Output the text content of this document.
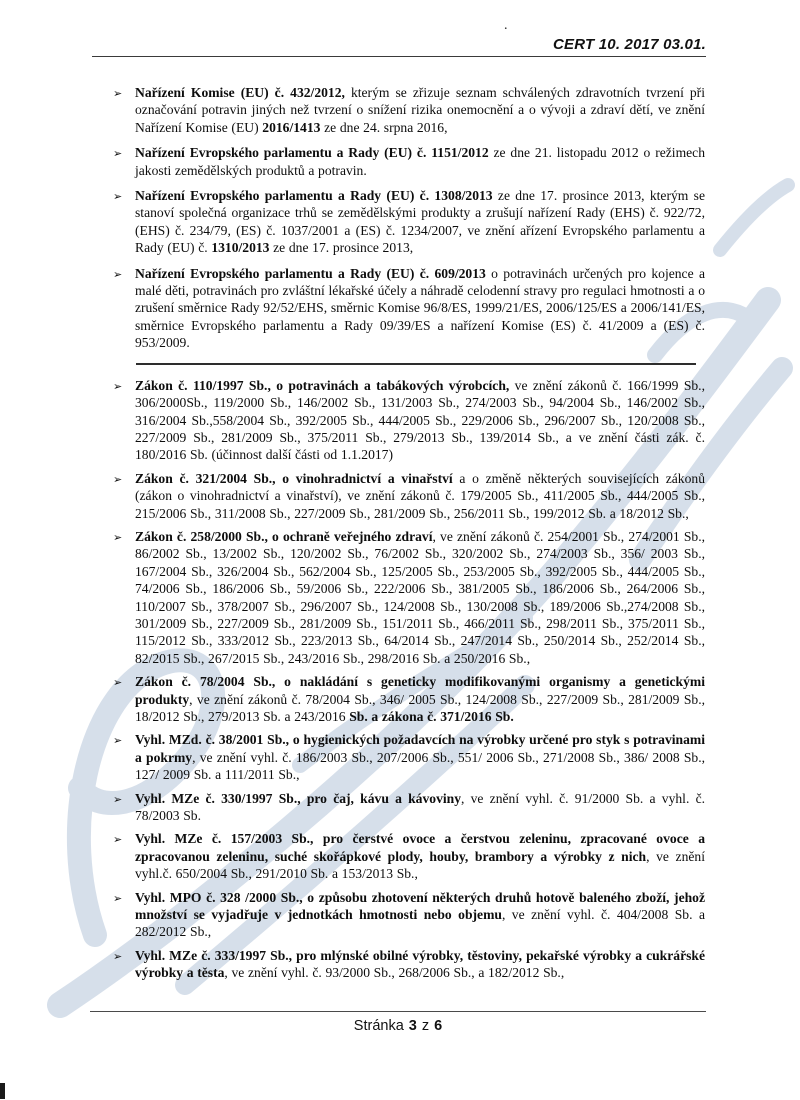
.
CERT 10. 2017 03.01.
➢ Nařízení Komise (EU) č. 432/2012, kterým se zřizuje seznam schválených zdravotních tvrzení při označování potravin jiných než tvrzení o snížení rizika onemocnění a o vývoji a zdraví dětí, ve znění Nařízení Komise (EU) 2016/1413 ze dne 24. srpna 2016,

➢ Nařízení Evropského parlamentu a Rady (EU) č. 1151/2012 ze dne 21. listopadu 2012 o režimech jakosti zemědělských produktů a potravin.

➢ Nařízení Evropského parlamentu a Rady (EU) č. 1308/2013 ze dne 17. prosince 2013, kterým se stanoví společná organizace trhů se zemědělskými produkty a zrušují nařízení Rady (EHS) č. 922/72, (EHS) č. 234/79, (ES) č. 1037/2001 a (ES) č. 1234/2007, ve znění ařízení Evropského parlamentu a Rady (EU) č. 1310/2013 ze dne 17. prosince 2013,

➢ Nařízení Evropského parlamentu a Rady (EU) č. 609/2013 o potravinách určených pro kojence a malé děti, potravinách pro zvláštní lékařské účely a náhradě celodenní stravy pro regulaci hmotnosti a o zrušení směrnice Rady 92/52/EHS, směrnic Komise 96/8/ES, 1999/21/ES, 2006/125/ES a 2006/141/ES, směrnice Evropského parlamentu a Rady 09/39/ES a nařízení Komise (ES) č. 41/2009 a (ES) č. 953/2009.

➢ Zákon č. 110/1997 Sb., o potravinách a tabákových výrobcích, ve znění zákonů č. 166/1999 Sb., 306/2000Sb., 119/2000 Sb., 146/2002 Sb., 131/2003 Sb., 274/2003 Sb., 94/2004 Sb., 146/2002 Sb., 316/2004 Sb.,558/2004 Sb., 392/2005 Sb., 444/2005 Sb., 229/2006 Sb., 296/2007 Sb., 120/2008 Sb., 227/2009 Sb., 281/2009 Sb., 375/2011 Sb., 279/2013 Sb., 139/2014 Sb., a ve znění části zák. č. 180/2016 Sb. (účinnost další části od 1.1.2017)

➢ Zákon č. 321/2004 Sb., o vinohradnictví a vinařství a o změně některých souvisejících zákonů (zákon o vinohradnictví a vinařství), ve znění zákonů č. 179/2005 Sb., 411/2005 Sb., 444/2005 Sb., 215/2006 Sb., 311/2008 Sb., 227/2009 Sb., 281/2009 Sb., 256/2011 Sb., 199/2012 Sb. a 18/2012 Sb.,

➢ Zákon č. 258/2000 Sb., o ochraně veřejného zdraví, ve znění zákonů č. 254/2001 Sb., 274/2001 Sb., 86/2002 Sb., 13/2002 Sb., 120/2002 Sb., 76/2002 Sb., 320/2002 Sb., 274/2003 Sb., 356/ 2003 Sb., 167/2004 Sb., 326/2004 Sb., 562/2004 Sb., 125/2005 Sb., 253/2005 Sb., 392/2005 Sb., 444/2005 Sb., 74/2006 Sb., 186/2006 Sb., 59/2006 Sb., 222/2006 Sb., 381/2005 Sb., 186/2006 Sb., 264/2006 Sb., 110/2007 Sb., 378/2007 Sb., 296/2007 Sb., 124/2008 Sb., 130/2008 Sb., 189/2006 Sb.,274/2008 Sb., 301/2009 Sb., 227/2009 Sb., 281/2009 Sb., 151/2011 Sb., 466/2011 Sb., 298/2011 Sb., 375/2011 Sb., 115/2012 Sb., 333/2012 Sb., 223/2013 Sb., 64/2014 Sb., 247/2014 Sb., 250/2014 Sb., 252/2014 Sb., 82/2015 Sb., 267/2015 Sb., 243/2016 Sb., 298/2016 Sb. a 250/2016 Sb.,

➢ Zákon č. 78/2004 Sb., o nakládání s geneticky modifikovanými organismy a genetickými produkty, ve znění zákonů č. 78/2004 Sb., 346/ 2005 Sb., 124/2008 Sb., 227/2009 Sb., 281/2009 Sb., 18/2012 Sb., 279/2013 Sb. a 243/2016 Sb. a zákona č. 371/2016 Sb.

➢ Vyhl. MZd. č. 38/2001 Sb., o hygienických požadavcích na výrobky určené pro styk s potravinami a pokrmy, ve znění vyhl. č. 186/2003 Sb., 207/2006 Sb., 551/ 2006 Sb., 271/2008 Sb., 386/ 2008 Sb., 127/ 2009 Sb. a 111/2011 Sb.,

➢ Vyhl. MZe č. 330/1997 Sb., pro čaj, kávu a kávoviny, ve znění vyhl. č. 91/2000 Sb. a vyhl. č. 78/2003 Sb.

➢ Vyhl. MZe č. 157/2003 Sb., pro čerstvé ovoce a čerstvou zeleninu, zpracované ovoce a zpracovanou zeleninu, suché skořápkové plody, houby, brambory a výrobky z nich, ve znění vyhl.č. 650/2004 Sb., 291/2010 Sb. a 153/2013 Sb.,

➢ Vyhl. MPO č. 328 /2000 Sb., o způsobu zhotovení některých druhů hotově baleného zboží, jehož množství se vyjadřuje v jednotkách hmotnosti nebo objemu, ve znění vyhl. č. 404/2008 Sb. a 282/2012 Sb.,

➢ Vyhl. MZe č. 333/1997 Sb., pro mlýnské obilné výrobky, těstoviny, pekařské výrobky a cukrářské výrobky a těsta, ve znění vyhl. č. 93/2000 Sb., 268/2006 Sb., a 182/2012 Sb.,

Stránka 3 z 6
